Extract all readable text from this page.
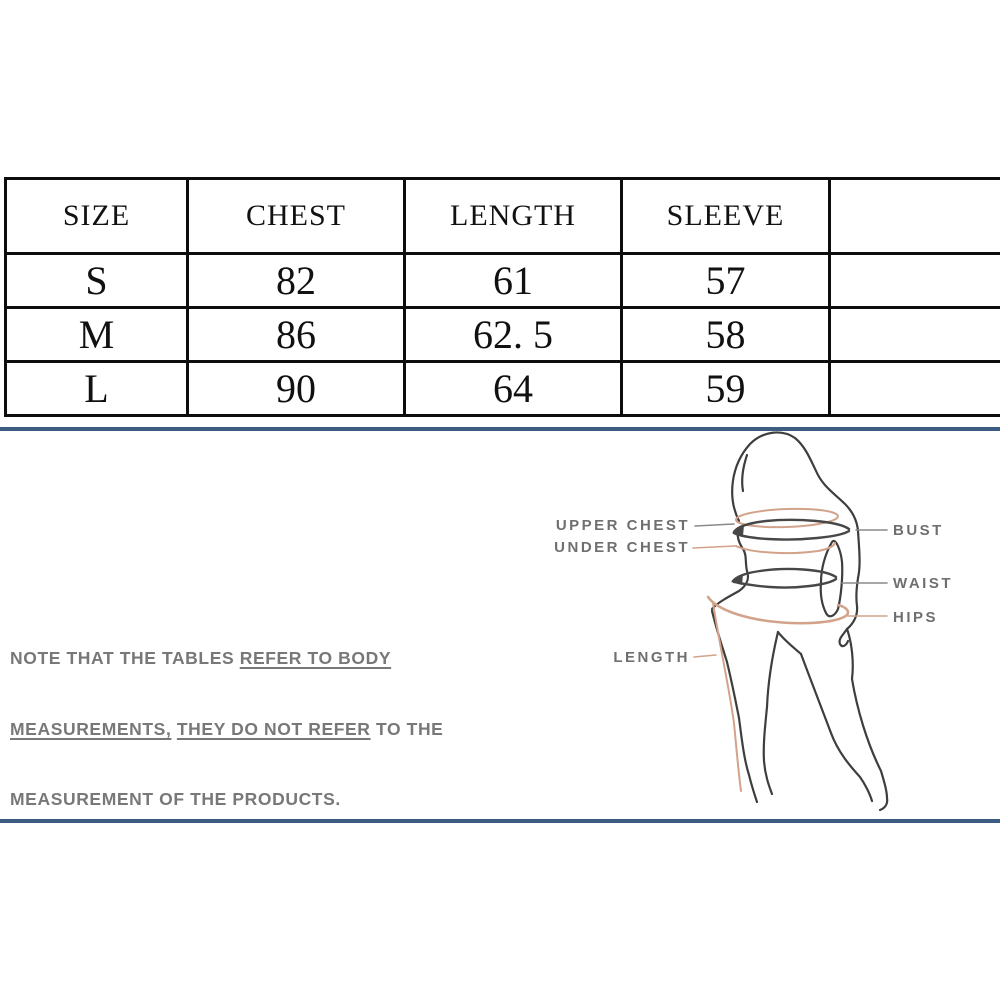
SIZE	CHEST	LENGTH	SLEEVE
S	82	61	57
M	86	62. 5	58
L	90	64	59
UPPER CHEST
UNDER CHEST
BUST
WAIST
HIPS
LENGTH

NOTE THAT THE TABLES REFER TO BODY

MEASUREMENTS, THEY DO NOT REFER TO THE

MEASUREMENT OF THE PRODUCTS.
